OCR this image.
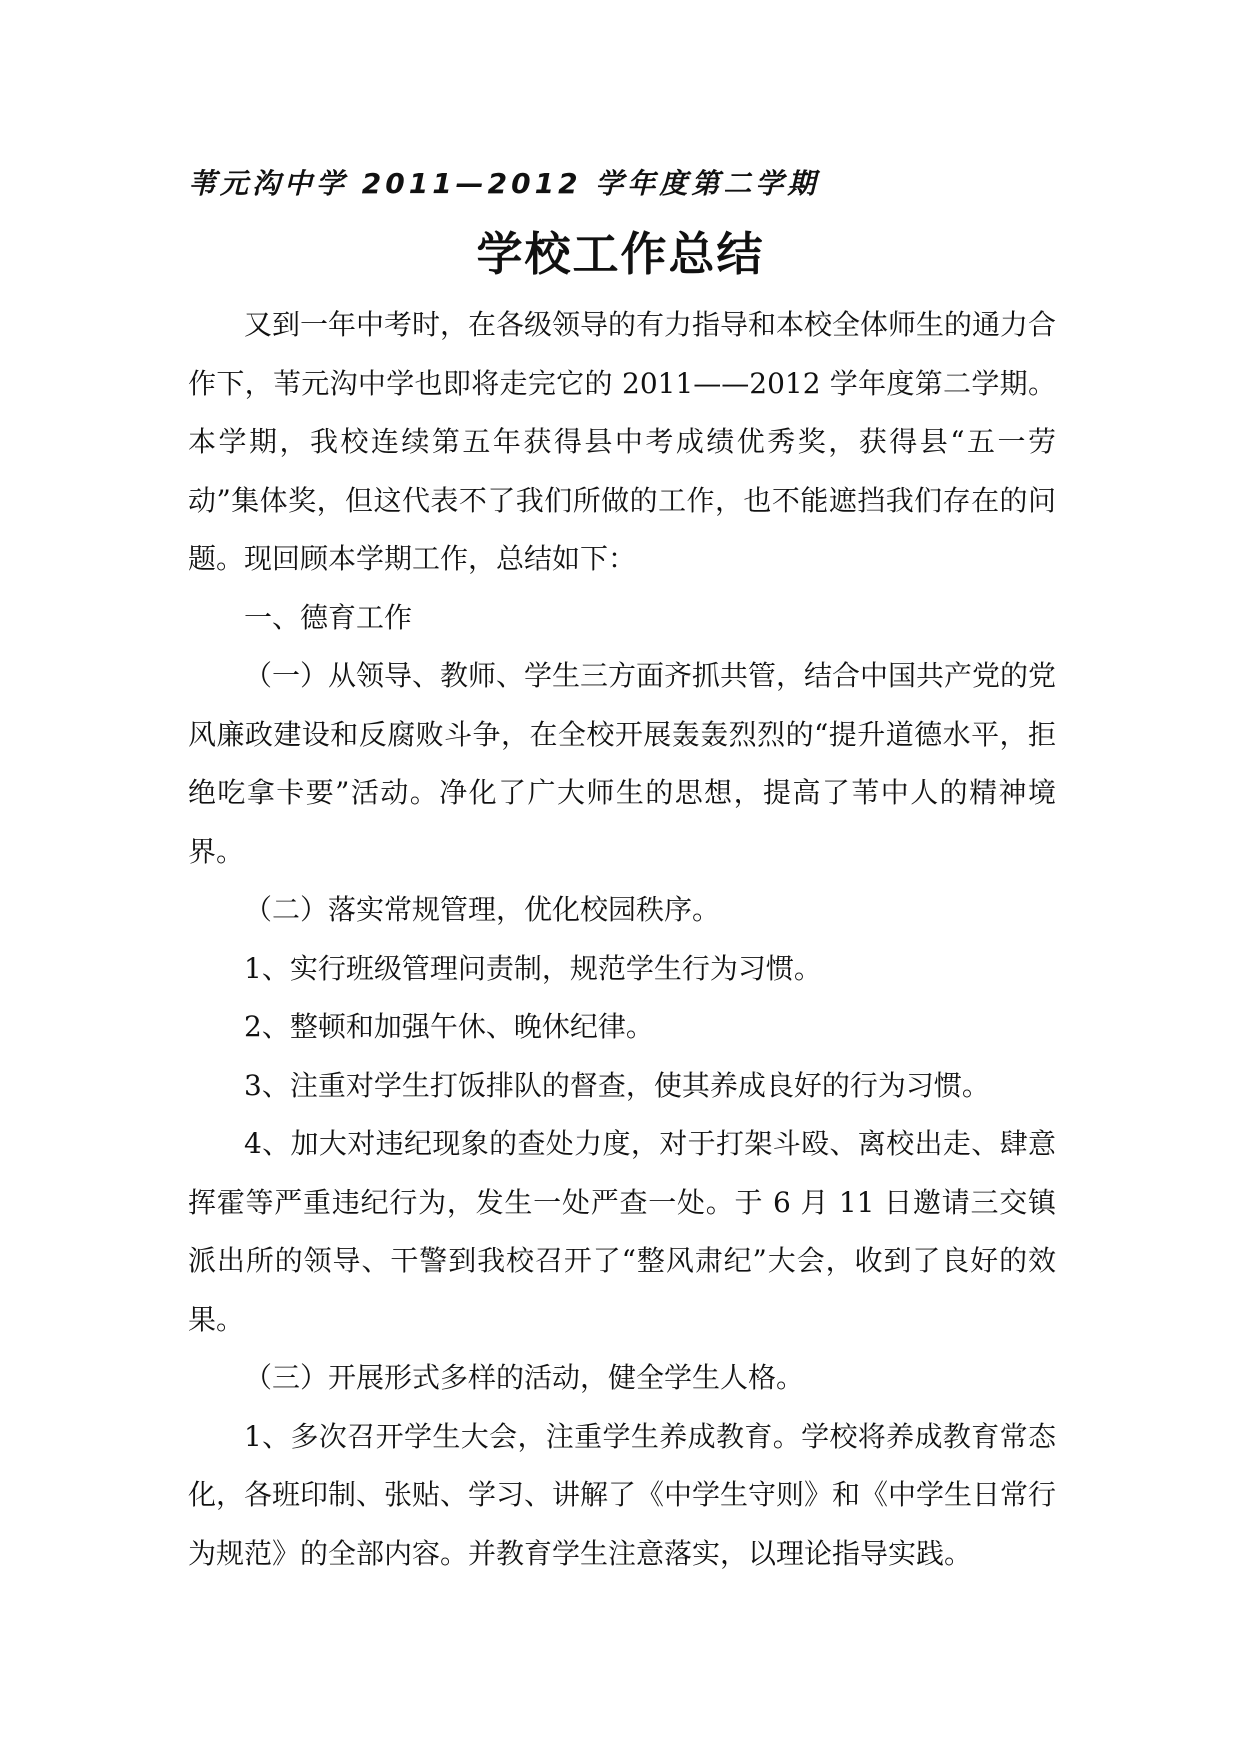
苇元沟中学 2011—2012 学年度第二学期
学校工作总结

又到一年中考时，在各级领导的有力指导和本校全体师生的通力合作下，苇元沟中学也即将走完它的 2011——2012 学年度第二学期。本学期，我校连续第五年获得县中考成绩优秀奖，获得县“五一劳动”集体奖，但这代表不了我们所做的工作，也不能遮挡我们存在的问题。现回顾本学期工作，总结如下：

一、德育工作

（一）从领导、教师、学生三方面齐抓共管，结合中国共产党的党风廉政建设和反腐败斗争，在全校开展轰轰烈烈的“提升道德水平，拒绝吃拿卡要”活动。净化了广大师生的思想，提高了苇中人的精神境界。

（二）落实常规管理，优化校园秩序。

1、实行班级管理问责制，规范学生行为习惯。

2、整顿和加强午休、晚休纪律。

3、注重对学生打饭排队的督查，使其养成良好的行为习惯。

4、加大对违纪现象的查处力度，对于打架斗殴、离校出走、肆意挥霍等严重违纪行为，发生一处严查一处。于 6 月 11 日邀请三交镇派出所的领导、干警到我校召开了“整风肃纪”大会，收到了良好的效果。

（三）开展形式多样的活动，健全学生人格。

1、多次召开学生大会，注重学生养成教育。学校将养成教育常态化，各班印制、张贴、学习、讲解了《中学生守则》和《中学生日常行为规范》的全部内容。并教育学生注意落实，以理论指导实践。
